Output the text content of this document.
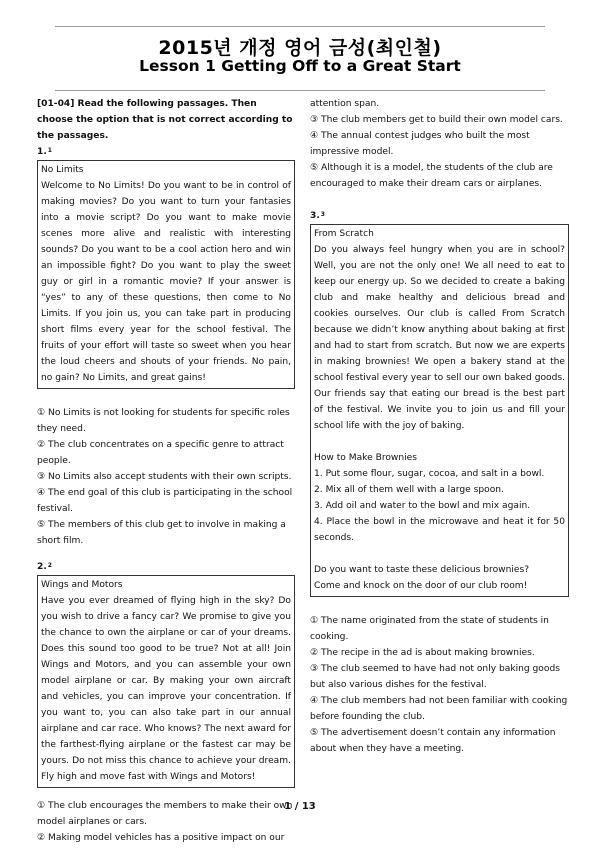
2015년 개정 영어 금성(최인철)
Lesson 1 Getting Off to a Great Start

[01-04] Read the following passages. Then choose the option that is not correct according to the passages.

1.$^1$

No Limits

Welcome to No Limits! Do you want to be in control of making movies? Do you want to turn your fantasies into a movie script? Do you want to make movie scenes more alive and realistic with interesting sounds? Do you want to be a cool action hero and win an impossible fight? Do you want to play the sweet guy or girl in a romantic movie? If your answer is “yes” to any of these questions, then come to No Limits. If you join us, you can take part in producing short films every year for the school festival. The fruits of your effort will taste so sweet when you hear the loud cheers and shouts of your friends. No pain, no gain? No Limits, and great gains!

① No Limits is not looking for students for specific roles they need.
② The club concentrates on a specific genre to attract people.
③ No Limits also accept students with their own scripts.
④ The end goal of this club is participating in the school festival.
⑤ The members of this club get to involve in making a short film.

2.$^2$

Wings and Motors

Have you ever dreamed of flying high in the sky? Do you wish to drive a fancy car? We promise to give you the chance to own the airplane or car of your dreams. Does this sound too good to be true? Not at all! Join Wings and Motors, and you can assemble your own model airplane or car. By making your own aircraft and vehicles, you can improve your concentration. If you want to, you can also take part in our annual airplane and car race. Who knows? The next award for the farthest-flying airplane or the fastest car may be yours. Do not miss this chance to achieve your dream. Fly high and move fast with Wings and Motors!

① The club encourages the members to make their own model airplanes or cars.
② Making model vehicles has a positive impact on our
attention span.
③ The club members get to build their own model cars.
④ The annual contest judges who built the most impressive model.
⑤ Although it is a model, the students of the club are encouraged to make their dream cars or airplanes.

3.$^3$

From Scratch

Do you always feel hungry when you are in school? Well, you are not the only one! We all need to eat to keep our energy up. So we decided to create a baking club and make healthy and delicious bread and cookies ourselves. Our club is called From Scratch because we didn’t know anything about baking at first and had to start from scratch. But now we are experts in making brownies! We open a bakery stand at the school festival every year to sell our own baked goods. Our friends say that eating our bread is the best part of the festival. We invite you to join us and fill your school life with the joy of baking.

How to Make Brownies

1. Put some flour, sugar, cocoa, and salt in a bowl.

2. Mix all of them well with a large spoon.

3. Add oil and water to the bowl and mix again.

4. Place the bowl in the microwave and heat it for 50 seconds.

Do you want to taste these delicious brownies?

Come and knock on the door of our club room!

① The name originated from the state of students in cooking.
② The recipe in the ad is about making brownies.
③ The club seemed to have had not only baking goods but also various dishes for the festival.
④ The club members had not been familiar with cooking before founding the club.
⑤ The advertisement doesn’t contain any information about when they have a meeting.
1 / 13
